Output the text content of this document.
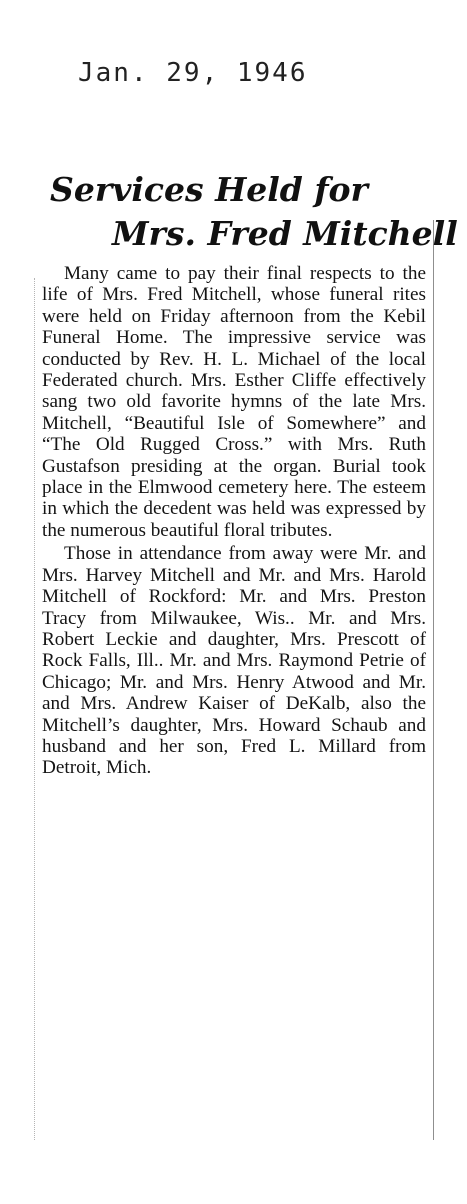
Jan. 29, 1946
Services Held for
Mrs. Fred Mitchell

Many came to pay their final respects to the life of Mrs. Fred Mitchell, whose funeral rites were held on Friday afternoon from the Kebil Funeral Home. The impressive service was conducted by Rev. H. L. Michael of the local Federated church. Mrs. Esther Cliffe effectively sang two old favorite hymns of the late Mrs. Mitchell, “Beautiful Isle of Somewhere” and “The Old Rugged Cross.” with Mrs. Ruth Gustafson presiding at the organ. Burial took place in the Elmwood cemetery here. The esteem in which the decedent was held was expressed by the numerous beautiful floral tributes.

Those in attendance from away were Mr. and Mrs. Harvey Mitchell and Mr. and Mrs. Harold Mitchell of Rockford: Mr. and Mrs. Preston Tracy from Milwaukee, Wis.. Mr. and Mrs. Robert Leckie and daughter, Mrs. Prescott of Rock Falls, Ill.. Mr. and Mrs. Raymond Petrie of Chicago; Mr. and Mrs. Henry Atwood and Mr. and Mrs. Andrew Kaiser of DeKalb, also the Mitchell’s daughter, Mrs. Howard Schaub and husband and her son, Fred L. Millard from Detroit, Mich.
